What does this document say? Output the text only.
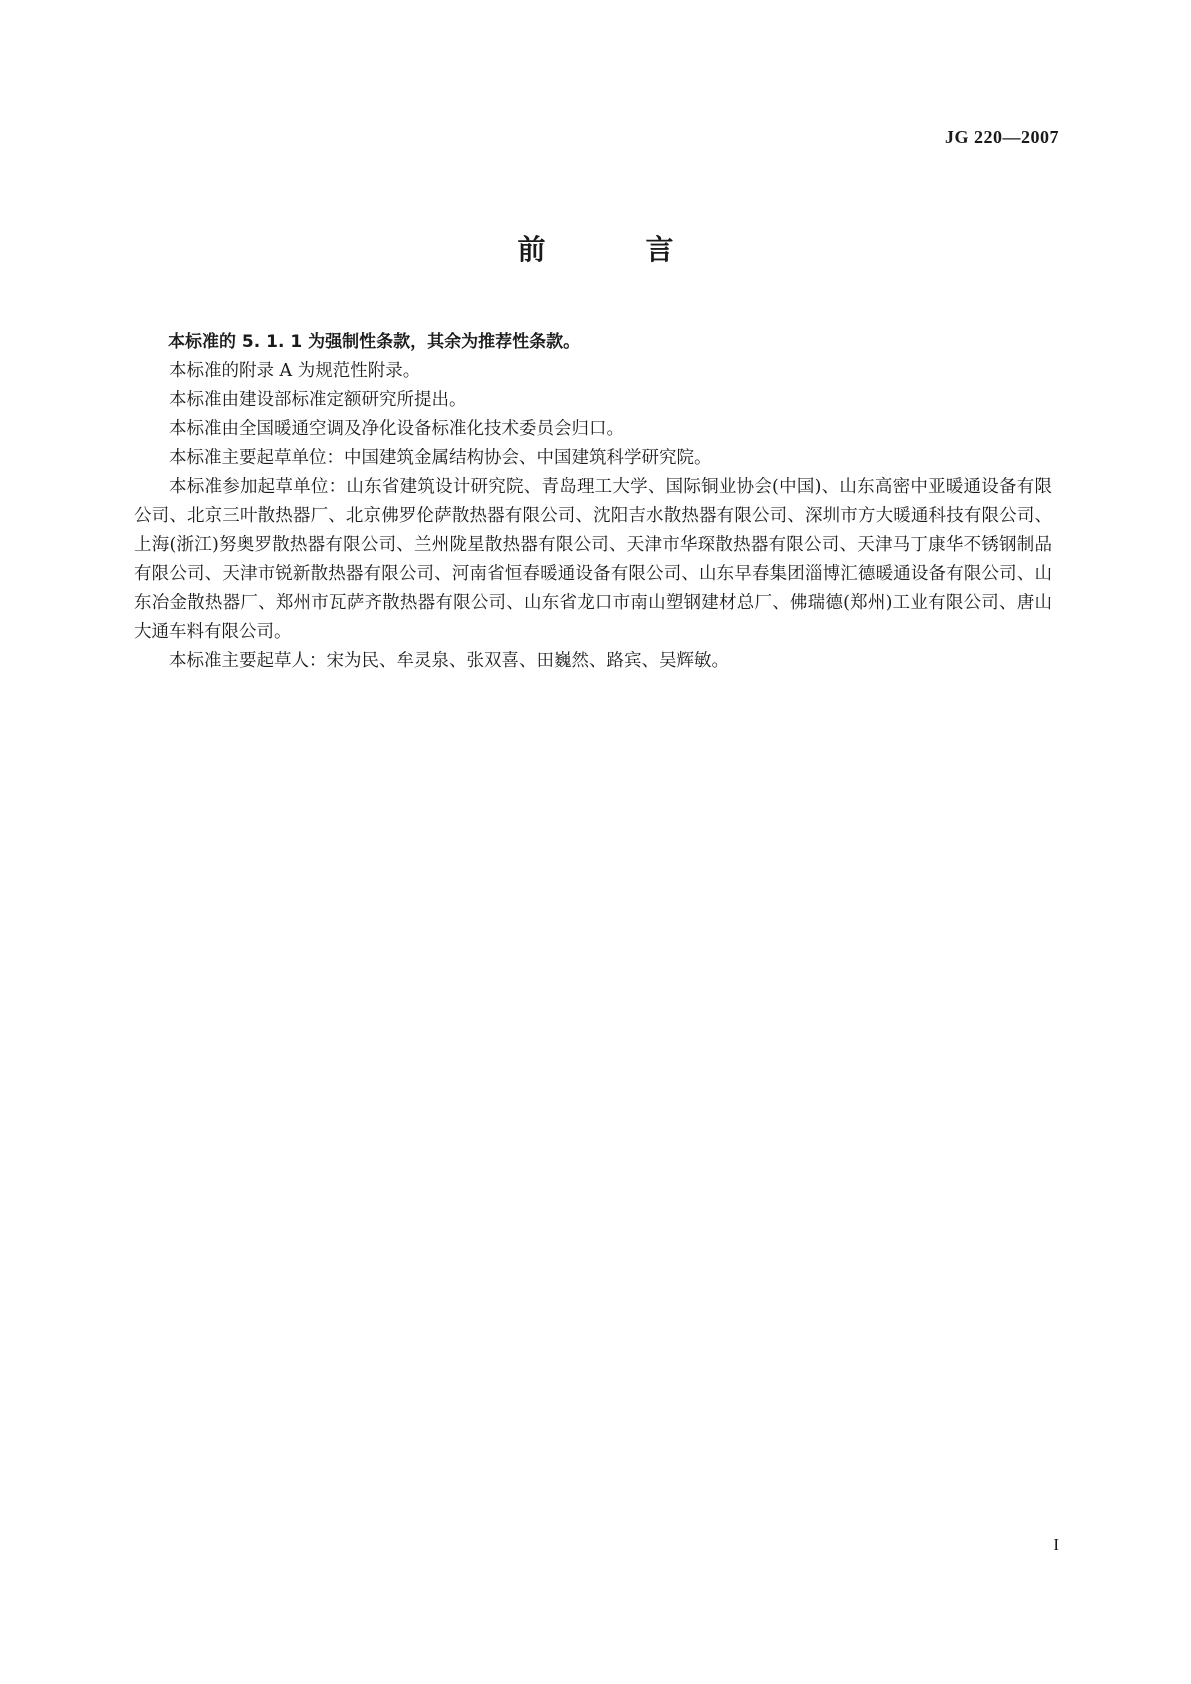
JG 220—2007
前　言

本标准的 5. 1. 1 为强制性条款，其余为推荐性条款。

本标准的附录 A 为规范性附录。

本标准由建设部标准定额研究所提出。

本标准由全国暖通空调及净化设备标准化技术委员会归口。

本标准主要起草单位：中国建筑金属结构协会、中国建筑科学研究院。

本标准参加起草单位：山东省建筑设计研究院、青岛理工大学、国际铜业协会(中国)、山东高密中亚暖通设备有限公司、北京三叶散热器厂、北京佛罗伦萨散热器有限公司、沈阳吉水散热器有限公司、深圳市方大暖通科技有限公司、上海(浙江)努奥罗散热器有限公司、兰州陇星散热器有限公司、天津市华琛散热器有限公司、天津马丁康华不锈钢制品有限公司、天津市锐新散热器有限公司、河南省恒春暖通设备有限公司、山东早春集团淄博汇德暖通设备有限公司、山东冶金散热器厂、郑州市瓦萨齐散热器有限公司、山东省龙口市南山塑钢建材总厂、佛瑞德(郑州)工业有限公司、唐山大通车料有限公司。

本标准主要起草人：宋为民、牟灵泉、张双喜、田巍然、路宾、吴辉敏。

I
